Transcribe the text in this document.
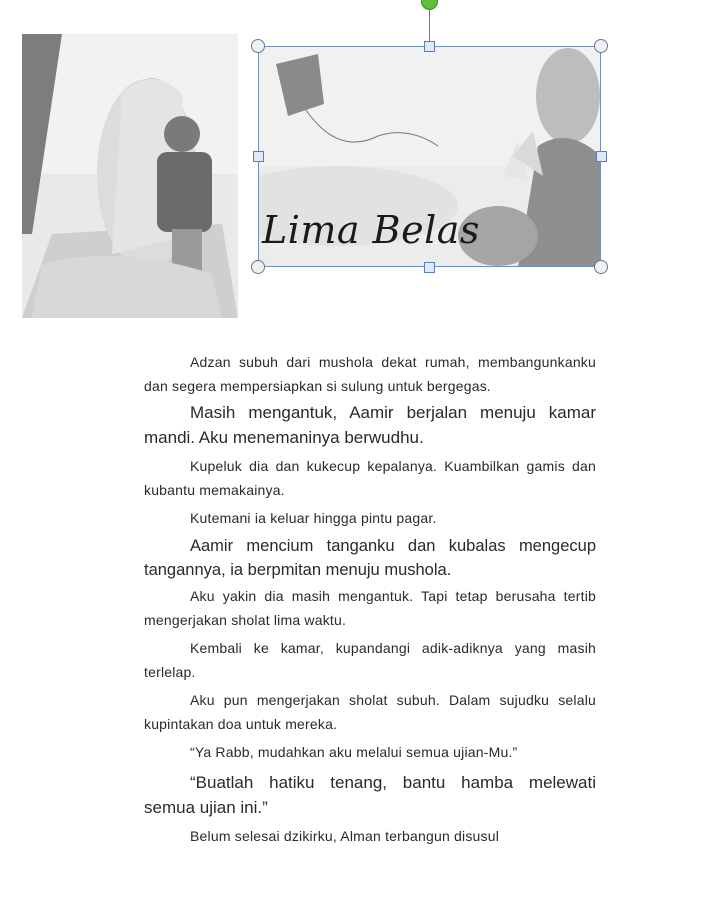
Lima Belas

Adzan subuh dari mushola dekat rumah, membangunkanku dan segera mempersiapkan si sulung untuk bergegas.

Masih mengantuk, Aamir berjalan menuju kamar mandi. Aku menemaninya berwudhu.

Kupeluk dia dan kukecup kepalanya. Kuambilkan gamis dan kubantu memakainya.

Kutemani ia keluar hingga pintu pagar.

Aamir mencium tanganku dan kubalas mengecup tangannya, ia berpmitan menuju mushola.

Aku yakin dia masih mengantuk. Tapi tetap berusaha tertib mengerjakan sholat lima waktu.

Kembali ke kamar, kupandangi adik-adiknya yang masih terlelap.

Aku pun mengerjakan sholat subuh. Dalam sujudku selalu kupintakan doa untuk mereka.

“Ya Rabb, mudahkan aku melalui semua ujian-Mu.”

“Buatlah hatiku tenang, bantu hamba melewati semua ujian ini.”

Belum selesai dzikirku, Alman terbangun disusul
